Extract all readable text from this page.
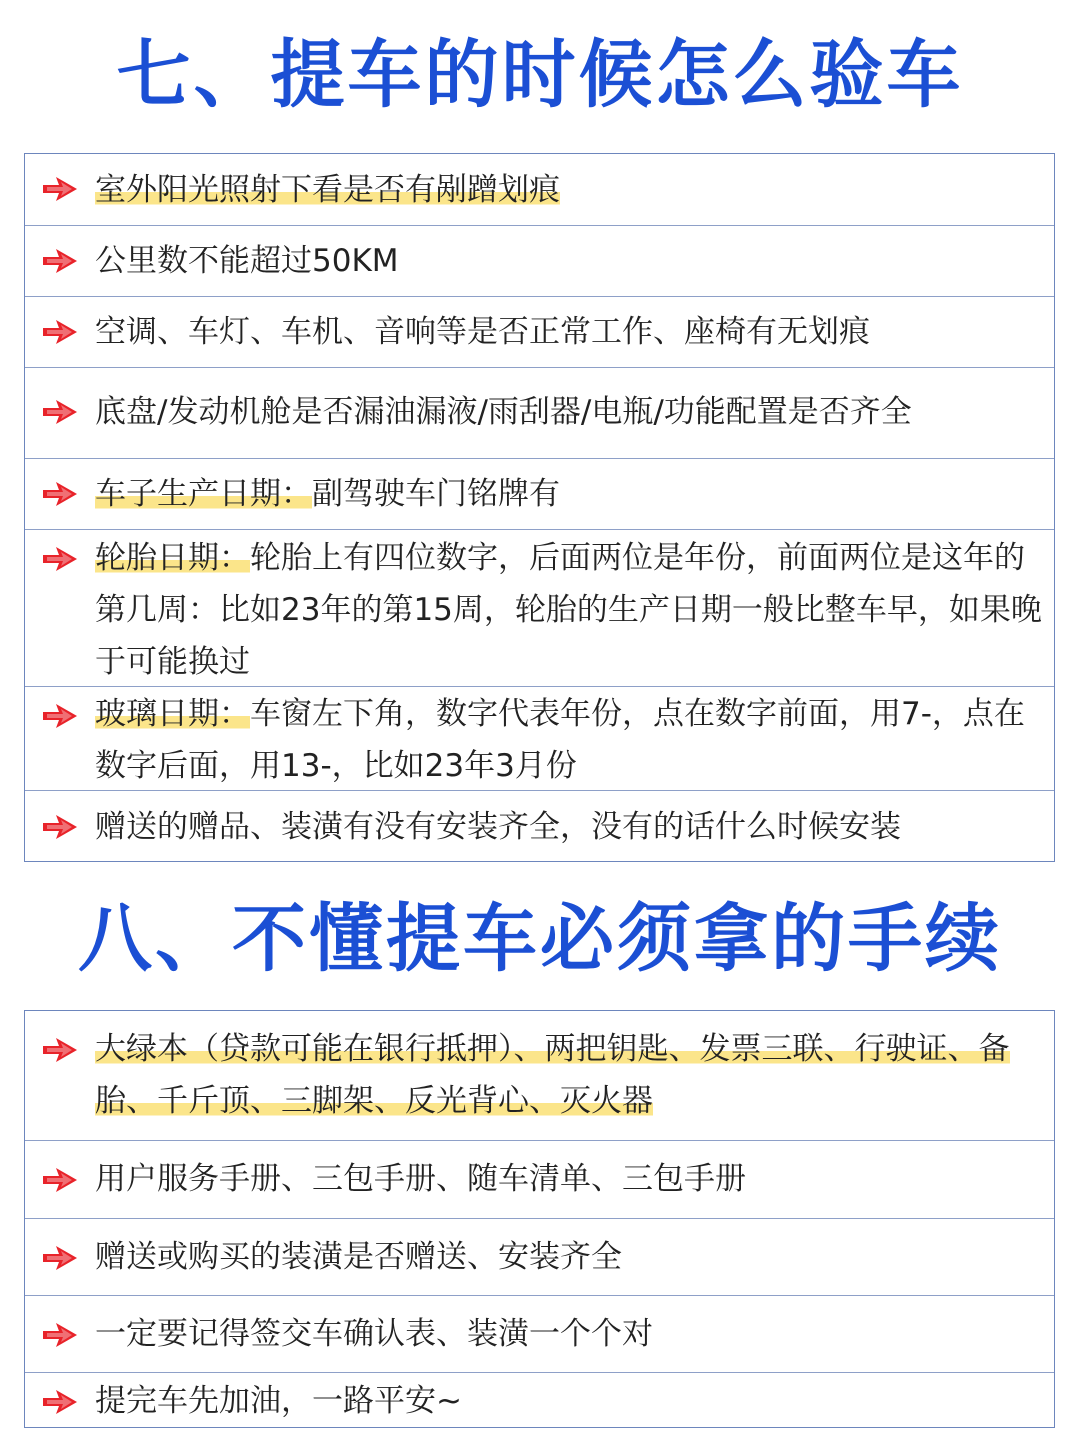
七、提车的时候怎么验车
室外阳光照射下看是否有剐蹭划痕
公里数不能超过50KM
空调、车灯、车机、音响等是否正常工作、座椅有无划痕
底盘/发动机舱是否漏油漏液/雨刮器/电瓶/功能配置是否齐全
车子生产日期：副驾驶车门铭牌有
轮胎日期：轮胎上有四位数字，后面两位是年份，前面两位是这年的第几周：比如23年的第15周，轮胎的生产日期一般比整车早，如果晚于可能换过
玻璃日期：车窗左下角，数字代表年份，点在数字前面，用7-，点在数字后面，用13-，比如23年3月份
赠送的赠品、装潢有没有安装齐全，没有的话什么时候安装
八、不懂提车必须拿的手续
大绿本（贷款可能在银行抵押）、两把钥匙、发票三联、行驶证、备胎、千斤顶、三脚架、反光背心、灭火器
用户服务手册、三包手册、随车清单、三包手册
赠送或购买的装潢是否赠送、安装齐全
一定要记得签交车确认表、装潢一个个对
提完车先加油，一路平安~
